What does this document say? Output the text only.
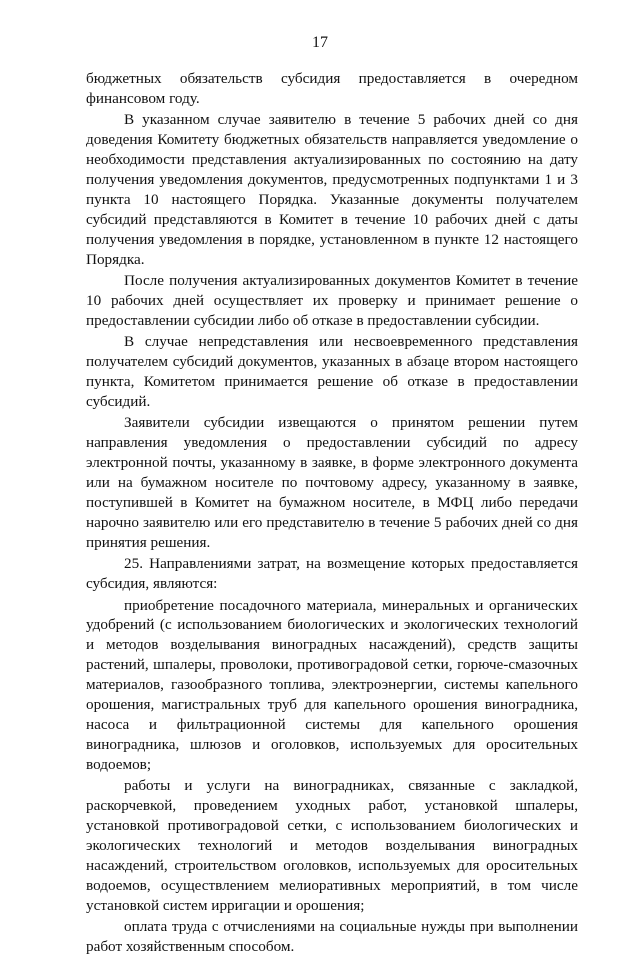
17

бюджетных обязательств субсидия предоставляется в очередном финансовом году.

В указанном случае заявителю в течение 5 рабочих дней со дня доведения Комитету бюджетных обязательств направляется уведомление о необходимости представления актуализированных по состоянию на дату получения уведомления документов, предусмотренных подпунктами 1 и 3 пункта 10 настоящего Порядка. Указанные документы получателем субсидий представляются в Комитет в течение 10 рабочих дней с даты получения уведомления в порядке, установленном в пункте 12 настоящего Порядка.

После получения актуализированных документов Комитет в течение 10 рабочих дней осуществляет их проверку и принимает решение о предоставлении субсидии либо об отказе в предоставлении субсидии.

В случае непредставления или несвоевременного представления получателем субсидий документов, указанных в абзаце втором настоящего пункта, Комитетом принимается решение об отказе в предоставлении субсидий.

Заявители субсидии извещаются о принятом решении путем направления уведомления о предоставлении субсидий по адресу электронной почты, указанному в заявке, в форме электронного документа или на бумажном носителе по почтовому адресу, указанному в заявке, поступившей в Комитет на бумажном носителе, в МФЦ либо передачи нарочно заявителю или его представителю в течение 5 рабочих дней со дня принятия решения.

25. Направлениями затрат, на возмещение которых предоставляется субсидия, являются:

приобретение посадочного материала, минеральных и органических удобрений (с использованием биологических и экологических технологий и методов возделывания виноградных насаждений), средств защиты растений, шпалеры, проволоки, противоградовой сетки, горюче-смазочных материалов, газообразного топлива, электроэнергии, системы капельного орошения, магистральных труб для капельного орошения виноградника, насоса и фильтрационной системы для капельного орошения виноградника, шлюзов и оголовков, используемых для оросительных водоемов;

работы и услуги на виноградниках, связанные с закладкой, раскорчевкой, проведением уходных работ, установкой шпалеры, установкой противоградовой сетки, с использованием биологических и экологических технологий и методов возделывания виноградных насаждений, строительством оголовков, используемых для оросительных водоемов, осуществлением мелиоративных мероприятий, в том числе установкой систем ирригации и орошения;

оплата труда с отчислениями на социальные нужды при выполнении работ хозяйственным способом.
